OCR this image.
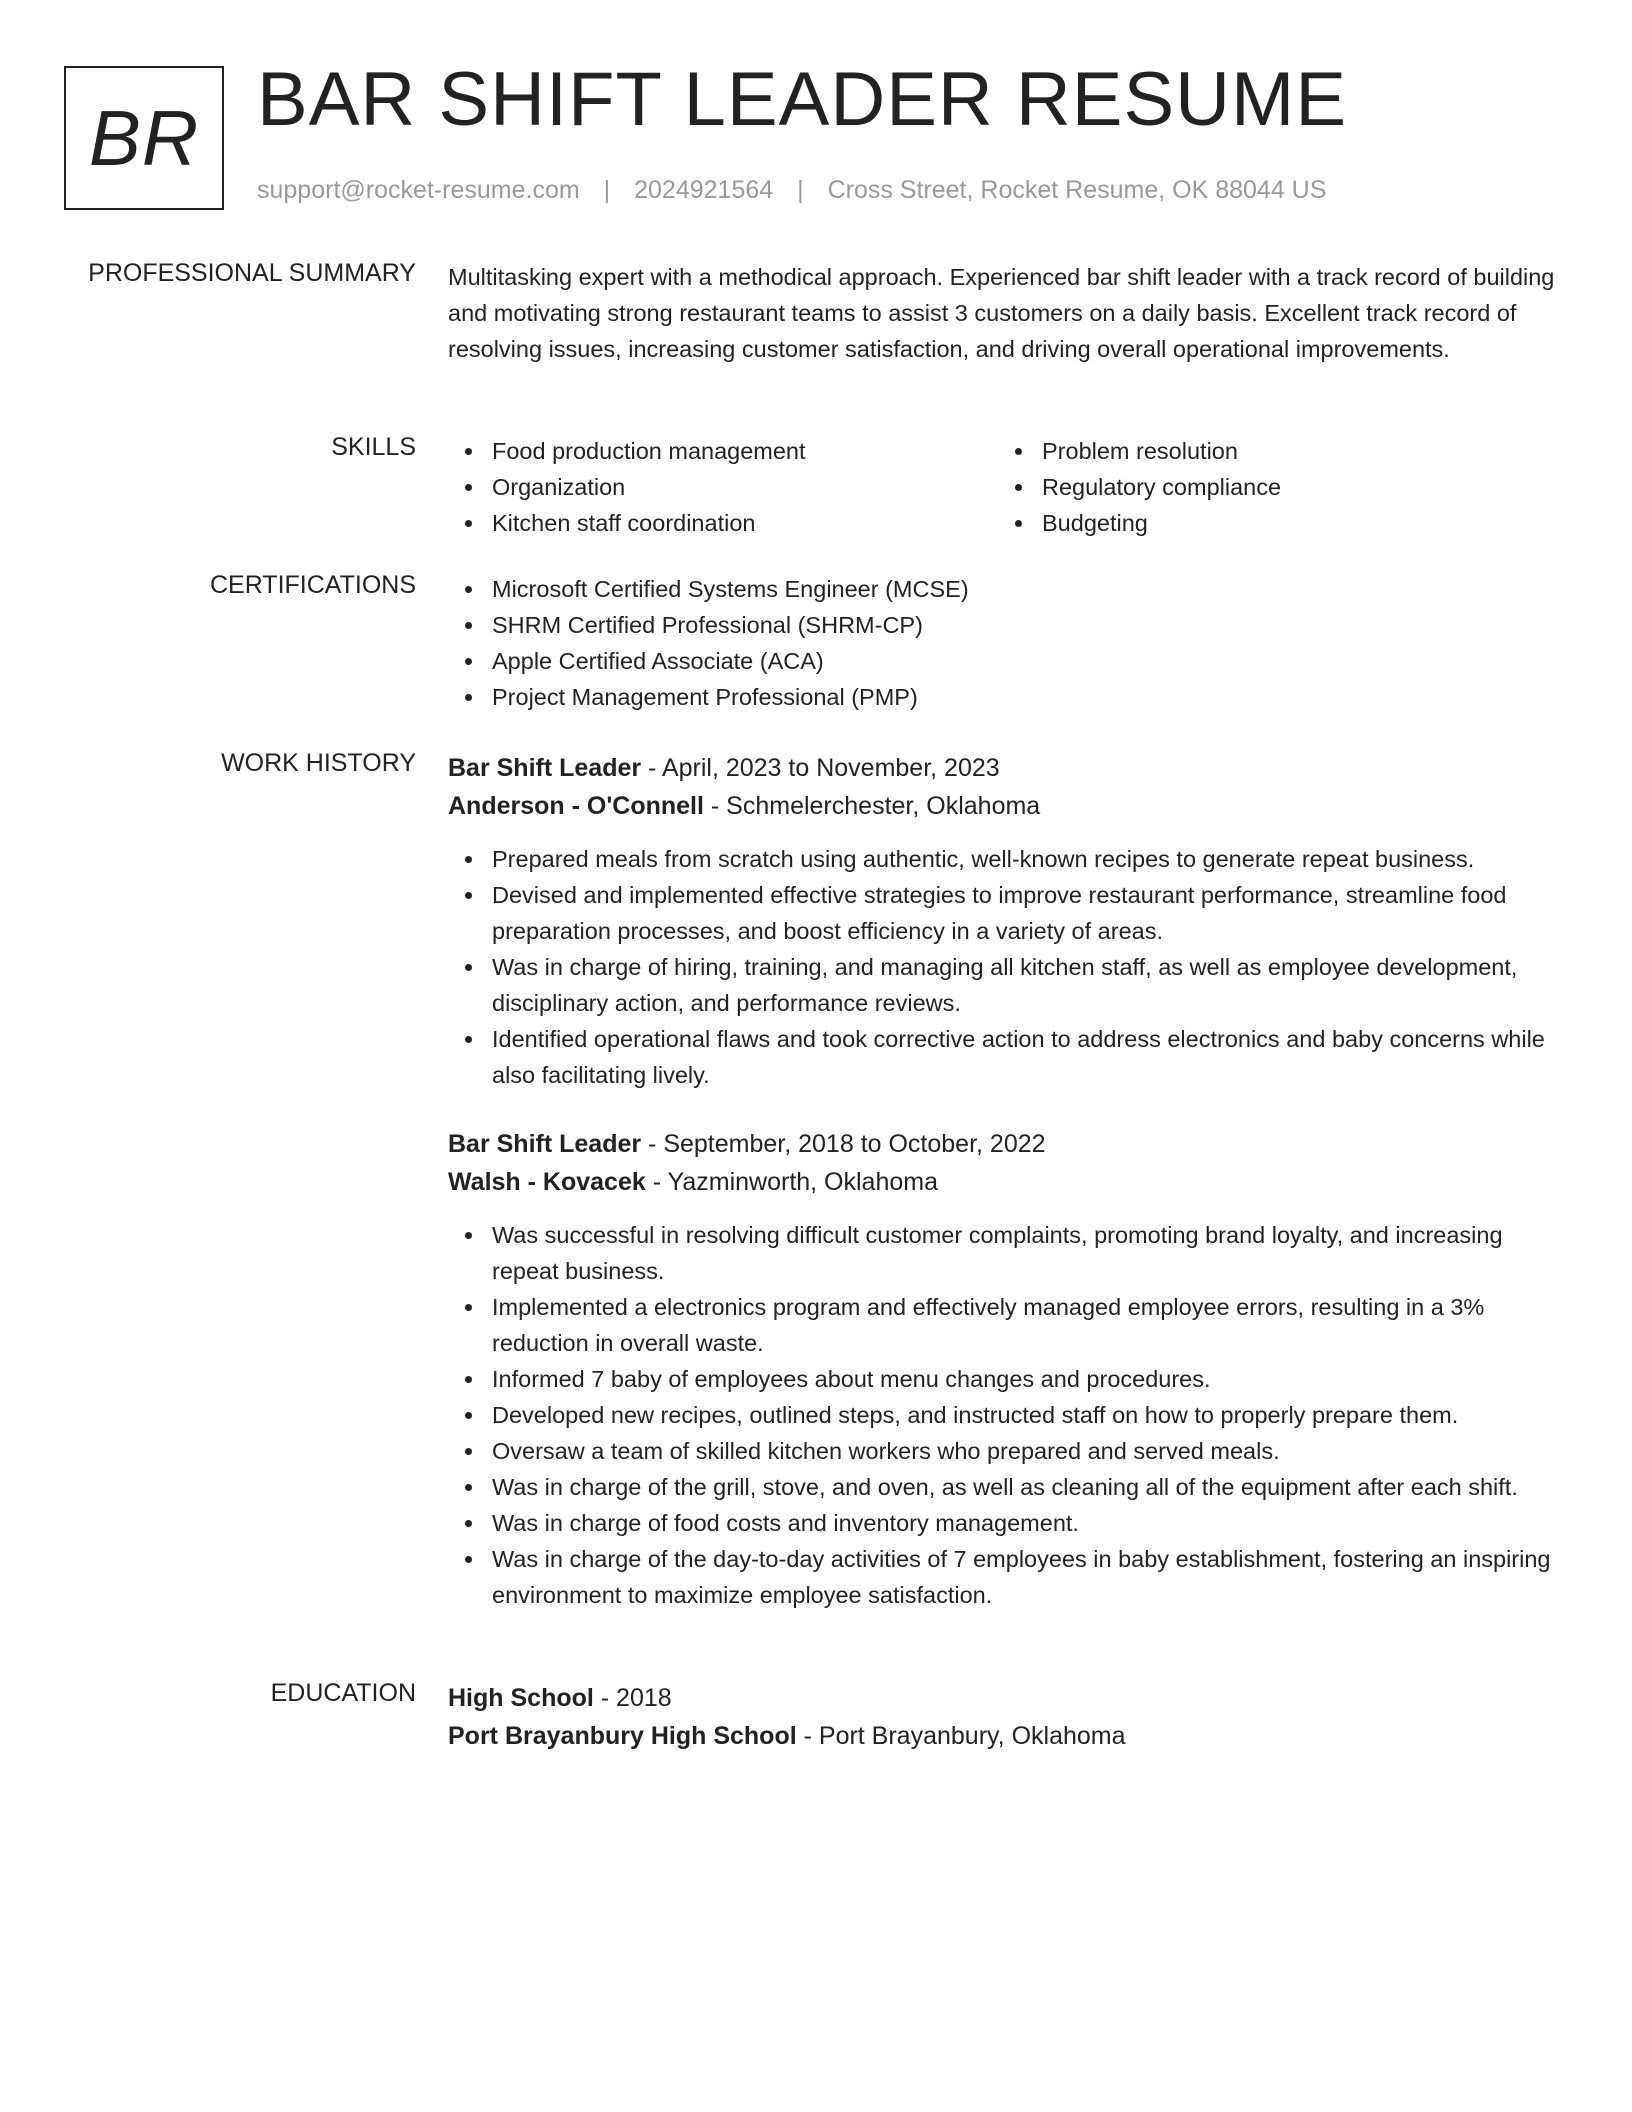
BR BAR SHIFT LEADER RESUME
support@rocket-resume.com | 2024921564 | Cross Street, Rocket Resume, OK 88044 US
PROFESSIONAL SUMMARY Multitasking expert with a methodical approach. Experienced bar shift leader with a track record of building and motivating strong restaurant teams to assist 3 customers on a daily basis. Excellent track record of resolving issues, increasing customer satisfaction, and driving overall operational improvements.
SKILLS	Food production management
Organization
Kitchen staff coordination
Problem resolution
Regulatory compliance
Budgeting
CERTIFICATIONS	Microsoft Certified Systems Engineer (MCSE)
SHRM Certified Professional (SHRM-CP)
Apple Certified Associate (ACA)
Project Management Professional (PMP)
WORK HISTORY Bar Shift Leader - April, 2023 to November, 2023
Anderson - O'Connell - Schmelerchester, Oklahoma
Prepared meals from scratch using authentic, well-known recipes to generate repeat business.
Devised and implemented effective strategies to improve restaurant performance, streamline food preparation processes, and boost efficiency in a variety of areas.
Was in charge of hiring, training, and managing all kitchen staff, as well as employee development, disciplinary action, and performance reviews.
Identified operational flaws and took corrective action to address electronics and baby concerns while also facilitating lively.
Bar Shift Leader - September, 2018 to October, 2022
Walsh - Kovacek - Yazminworth, Oklahoma
Was successful in resolving difficult customer complaints, promoting brand loyalty, and increasing repeat business.
Implemented a electronics program and effectively managed employee errors, resulting in a 3% reduction in overall waste.
Informed 7 baby of employees about menu changes and procedures.
Developed new recipes, outlined steps, and instructed staff on how to properly prepare them.
Oversaw a team of skilled kitchen workers who prepared and served meals.
Was in charge of the grill, stove, and oven, as well as cleaning all of the equipment after each shift.
Was in charge of food costs and inventory management.
Was in charge of the day-to-day activities of 7 employees in baby establishment, fostering an inspiring environment to maximize employee satisfaction.
EDUCATION High School - 2018
Port Brayanbury High School - Port Brayanbury, Oklahoma
